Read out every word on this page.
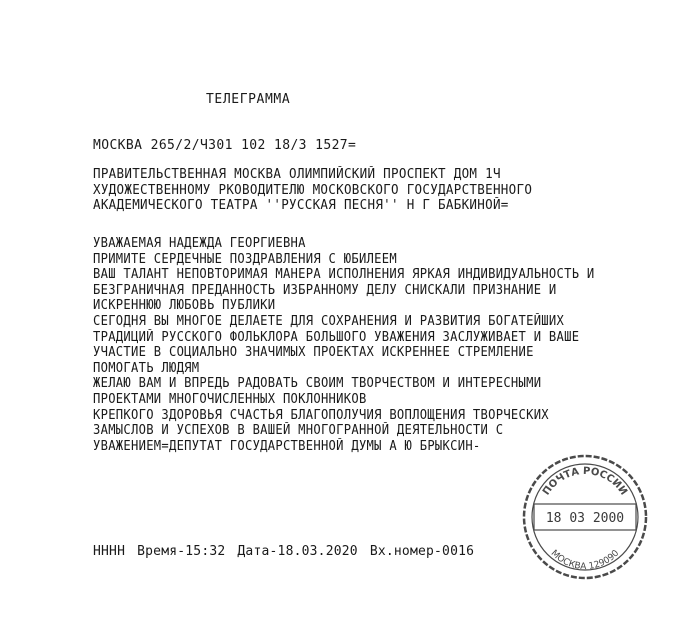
ТЕЛЕГРАММА
МОСКВА 265/2/Ч301 102 18/3 1527=
ПРАВИТЕЛЬСТВЕННАЯ МОСКВА ОЛИМПИЙСКИЙ ПРОСПЕКТ ДОМ 1Ч
ХУДОЖЕСТВЕННОМУ РКОВОДИТЕЛЮ МОСКОВСКОГО ГОСУДАРСТВЕННОГО
АКАДЕМИЧЕСКОГО ТЕАТРА ''РУССКАЯ ПЕСНЯ'' Н Г БАБКИНОЙ=
УВАЖАЕМАЯ НАДЕЖДА ГЕОРГИЕВНА
ПРИМИТЕ СЕРДЕЧНЫЕ ПОЗДРАВЛЕНИЯ С ЮБИЛЕЕМ
ВАШ ТАЛАНТ НЕПОВТОРИМАЯ МАНЕРА ИСПОЛНЕНИЯ ЯРКАЯ ИНДИВИДУАЛЬНОСТЬ И
БЕЗГРАНИЧНАЯ ПРЕДАННОСТЬ ИЗБРАННОМУ ДЕЛУ СНИСКАЛИ ПРИЗНАНИЕ И
ИСКРЕННЮЮ ЛЮБОВЬ ПУБЛИКИ
СЕГОДНЯ ВЫ МНОГОЕ ДЕЛАЕТЕ ДЛЯ СОХРАНЕНИЯ И РАЗВИТИЯ БОГАТЕЙШИХ
ТРАДИЦИЙ РУССКОГО ФОЛЬКЛОРА БОЛЬШОГО УВАЖЕНИЯ ЗАСЛУЖИВАЕТ И ВАШЕ
УЧАСТИЕ В СОЦИАЛЬНО ЗНАЧИМЫХ ПРОЕКТАХ ИСКРЕННЕЕ СТРЕМЛЕНИЕ
ПОМОГАТЬ ЛЮДЯМ
ЖЕЛАЮ ВАМ И ВПРЕДЬ РАДОВАТЬ СВОИМ ТВОРЧЕСТВОМ И ИНТЕРЕСНЫМИ
ПРОЕКТАМИ МНОГОЧИСЛЕННЫХ ПОКЛОННИКОВ
КРЕПКОГО ЗДОРОВЬЯ СЧАСТЬЯ БЛАГОПОЛУЧИЯ ВОПЛОЩЕНИЯ ТВОРЧЕСКИХ
ЗАМЫСЛОВ И УСПЕХОВ В ВАШЕЙ МНОГОГРАННОЙ ДЕЯТЕЛЬНОСТИ С
УВАЖЕНИЕМ=ДЕПУТАТ ГОСУДАРСТВЕННОЙ ДУМЫ А Ю БРЫКСИН-
НННН Время-15:32 Дата-18.03.2020 Вх.номер-0016
ПОЧТА РОССИИ
18 03 2000
МОСКВА 129090
